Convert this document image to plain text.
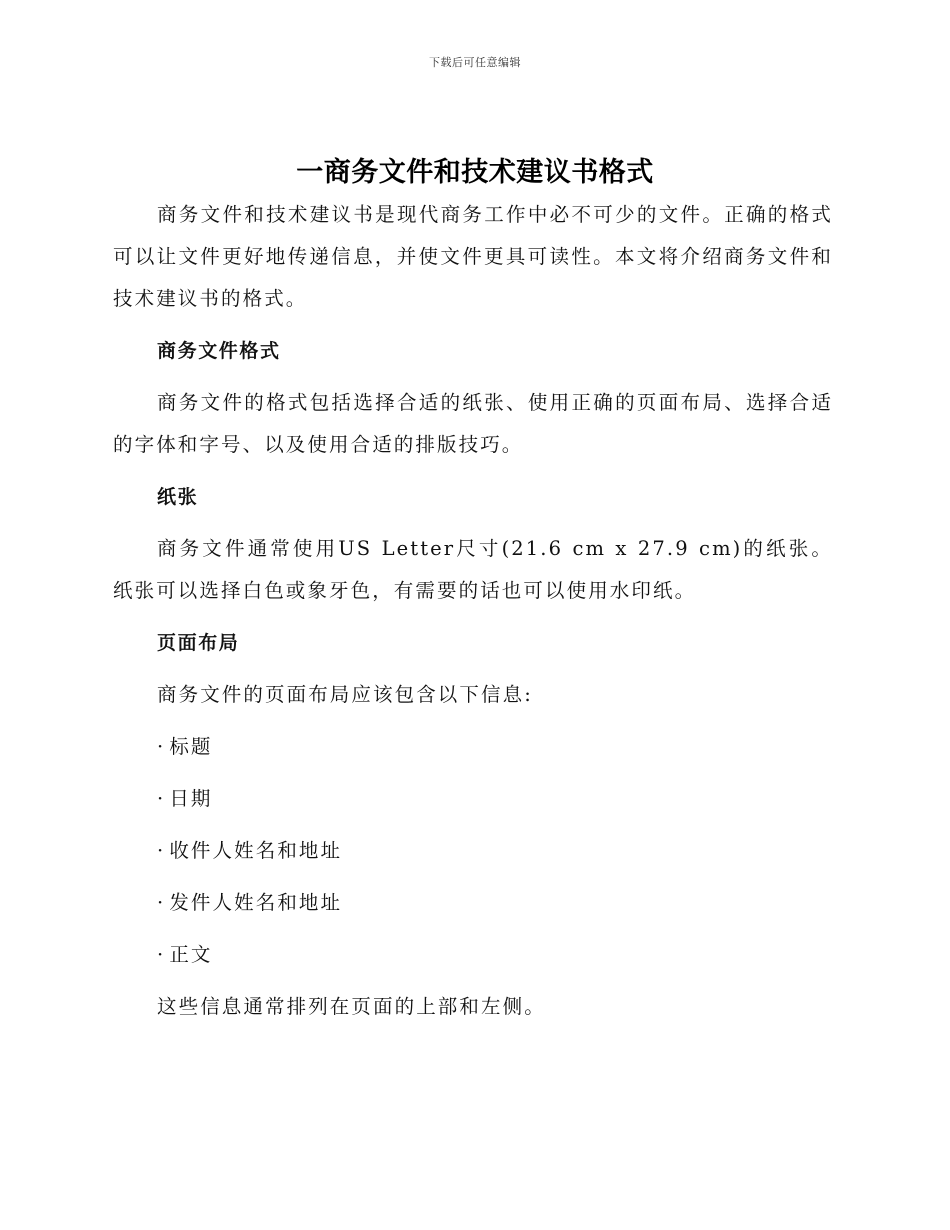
下载后可任意编辑
一商务文件和技术建议书格式

商务文件和技术建议书是现代商务工作中必不可少的文件。正确的格式可以让文件更好地传递信息，并使文件更具可读性。本文将介绍商务文件和技术建议书的格式。

商务文件格式

商务文件的格式包括选择合适的纸张、使用正确的页面布局、选择合适的字体和字号、以及使用合适的排版技巧。

纸张

商务文件通常使用US Letter尺寸(21.6 cm x 27.9 cm)的纸张。纸张可以选择白色或象牙色，有需要的话也可以使用水印纸。

页面布局

商务文件的页面布局应该包含以下信息:

· 标题

· 日期

· 收件人姓名和地址

· 发件人姓名和地址

· 正文

这些信息通常排列在页面的上部和左侧。
